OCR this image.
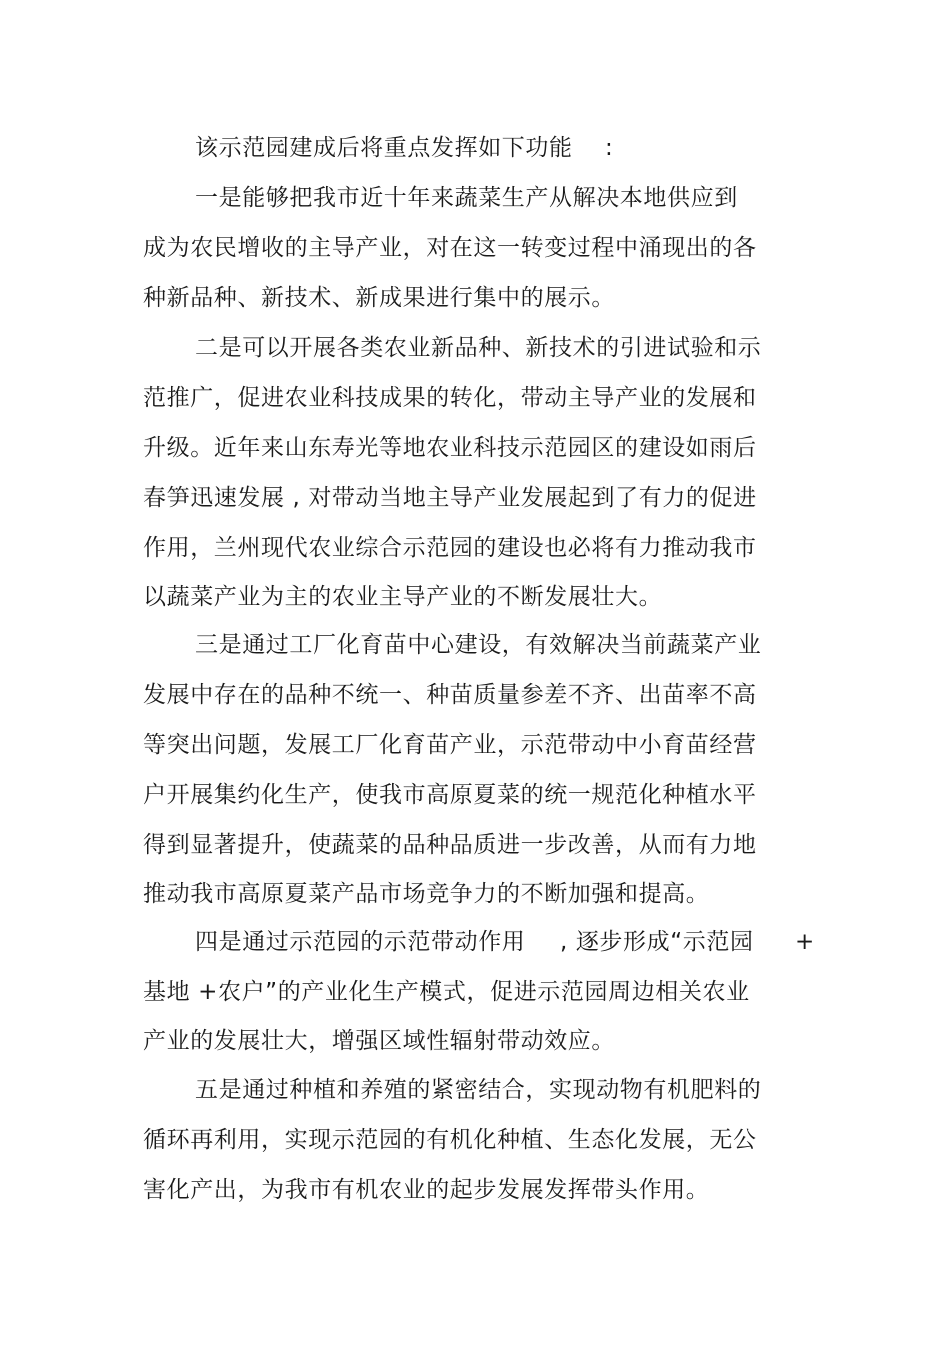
该示范园建成后将重点发挥如下功能 :
一是能够把我市近十年来蔬菜生产从解决本地供应到
成为农民增收的主导产业，对在这一转变过程中涌现出的各
种新品种、新技术、新成果进行集中的展示。
二是可以开展各类农业新品种、新技术的引进试验和示
范推广，促进农业科技成果的转化，带动主导产业的发展和
升级。近年来山东寿光等地农业科技示范园区的建设如雨后
春笋迅速发展 , 对带动当地主导产业发展起到了有力的促进
作用，兰州现代农业综合示范园的建设也必将有力推动我市
以蔬菜产业为主的农业主导产业的不断发展壮大。
三是通过工厂化育苗中心建设，有效解决当前蔬菜产业
发展中存在的品种不统一、种苗质量参差不齐、出苗率不高
等突出问题，发展工厂化育苗产业，示范带动中小育苗经营
户开展集约化生产，使我市高原夏菜的统一规范化种植水平
得到显著提升，使蔬菜的品种品质进一步改善，从而有力地
推动我市高原夏菜产品市场竞争力的不断加强和提高。
四是通过示范园的示范带动作用 , 逐步形成“示范园 +
基地 +农户”的产业化生产模式，促进示范园周边相关农业
产业的发展壮大，增强区域性辐射带动效应。
五是通过种植和养殖的紧密结合，实现动物有机肥料的
循环再利用，实现示范园的有机化种植、生态化发展，无公
害化产出，为我市有机农业的起步发展发挥带头作用。
